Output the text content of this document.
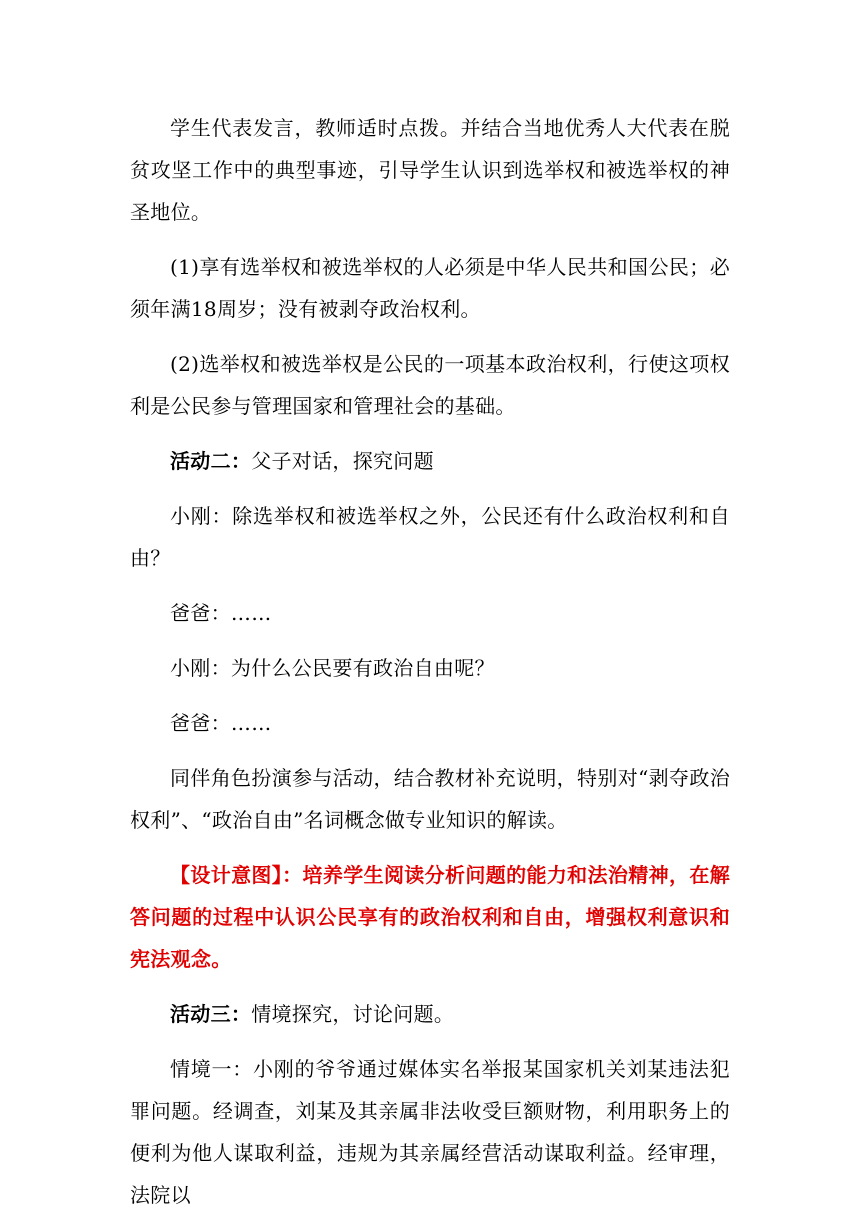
学生代表发言，教师适时点拨。并结合当地优秀人大代表在脱贫攻坚工作中的典型事迹，引导学生认识到选举权和被选举权的神圣地位。

(1)享有选举权和被选举权的人必须是中华人民共和国公民；必须年满18周岁；没有被剥夺政治权利。

(2)选举权和被选举权是公民的一项基本政治权利，行使这项权利是公民参与管理国家和管理社会的基础。

活动二：父子对话，探究问题

小刚：除选举权和被选举权之外，公民还有什么政治权利和自由？

爸爸：……

小刚：为什么公民要有政治自由呢？

爸爸：……

同伴角色扮演参与活动，结合教材补充说明，特别对“剥夺政治权利”、“政治自由”名词概念做专业知识的解读。

【设计意图】：培养学生阅读分析问题的能力和法治精神，在解答问题的过程中认识公民享有的政治权利和自由，增强权利意识和宪法观念。

活动三：情境探究，讨论问题。

情境一：小刚的爷爷通过媒体实名举报某国家机关刘某违法犯罪问题。经调查，刘某及其亲属非法收受巨额财物，利用职务上的便利为他人谋取利益，违规为其亲属经营活动谋取利益。经审理，法院以
